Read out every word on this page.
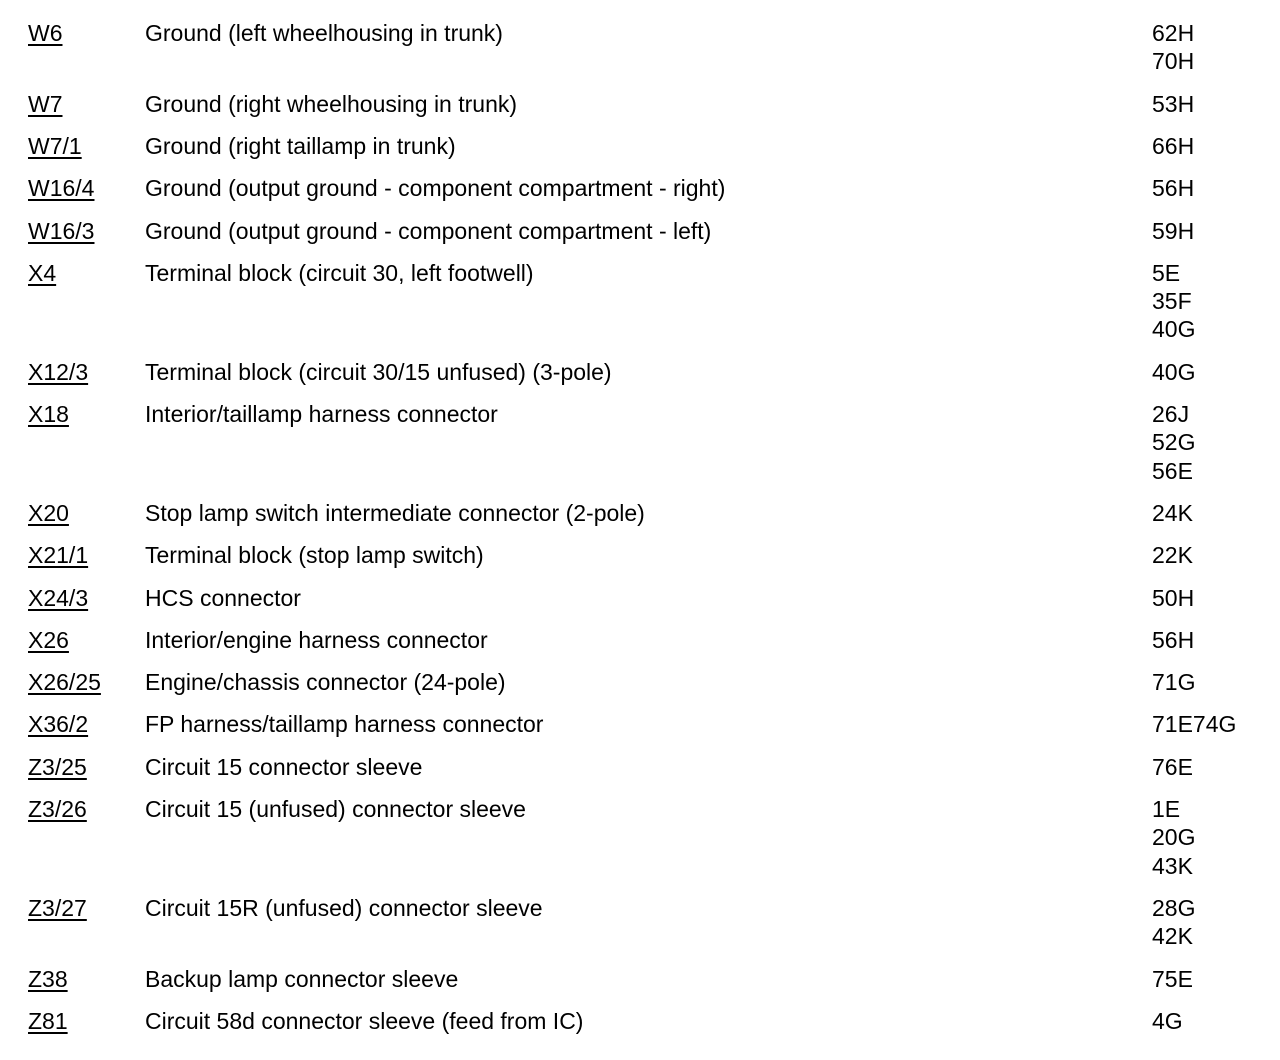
W6	Ground (left wheelhousing in trunk)	62H
70H
W7	Ground (right wheelhousing in trunk)	53H
W7/1	Ground (right taillamp in trunk)	66H
W16/4 Ground (output ground - component compartment - right)	56H
W16/3 Ground (output ground - component compartment - left)	59H
X4	Terminal block (circuit 30, left footwell)	5E
35F
40G
X12/3 Terminal block (circuit 30/15 unfused) (3-pole)	40G
X18	Interior/taillamp harness connector	26J
52G
56E
X20	Stop lamp switch intermediate connector (2-pole)	24K
X21/1 Terminal block (stop lamp switch)	22K
X24/3 HCS connector	50H
X26	Interior/engine harness connector	56H
X26/25 Engine/chassis connector (24-pole)	71G
X36/2 FP harness/taillamp harness connector	71E74G
Z3/25	Circuit 15 connector sleeve	76E
Z3/26	Circuit 15 (unfused) connector sleeve	1E
20G
43K
Z3/27	Circuit 15R (unfused) connector sleeve	28G
42K
Z38	Backup lamp connector sleeve	75E
Z81	Circuit 58d connector sleeve (feed from IC)	4G
